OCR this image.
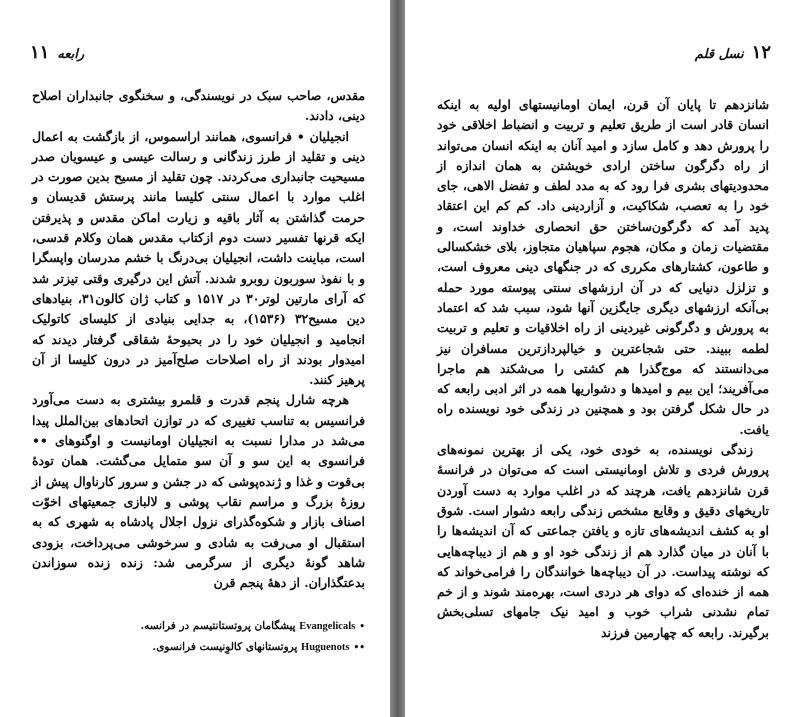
۱۱ رابعه

مقدس، صاحب سبک در نویسندگی، و سخنگوی جانبداران اصلاح دینی، دادند.

انجیلیان • فرانسوی، همانند اراسموس، از بازگشت به اعمال دینی و تقلید از طرز زندگانی و رسالت عیسی و عیسویان صدر مسیحیت جانبداری می‌کردند. چون تقلید از مسیح بدین صورت در اغلب موارد با اعمال سنتی کلیسا مانند پرستش قدیسان و حرمت گذاشتن به آثار باقیه و زیارت اماکن مقدس و پذیرفتن ایکه قرنها تفسیر دست دوم ازکتاب مقدس همان وکلام قدسی، است، مباینت داشت، انجیلیان بی‌درنگ با خشم مدرسان واپسگرا و با نفوذ سوربون روبرو شدند. آتش این درگیری وقتی تیزتر شد که آرای مارتین لوتر۳۰ در ۱۵۱۷ و کتاب ژان کالون۳۱، بنیادهای دین مسیح۳۲ (۱۵۳۶)، به جدایی بنیادی از کلیسای کاتولیک انجامید و انجیلیان خود را در بحبوحهٔ شقاقی گرفتار دیدند که امیدوار بودند از راه اصلاحات صلح‌آمیز در درون کلیسا از آن پرهیز کنند.

هرچه شارل پنجم قدرت و قلمرو بیشتری به دست می‌آورد فرانسیس به تناسب تغییری که در توازن اتحادهای بین‌الملل پیدا می‌شد در مدارا نسبت به انجیلیان اومانیست و اوگنوهای •• فرانسوی به این سو و آن سو متمایل می‌گشت. همان تودهٔ بی‌قوت و غذا و ژنده‌پوشی که در جشن و سرور کارناوال پیش از روزهٔ بزرگ و مراسم نقاب پوشی و لالبازی جمعیتهای اخوّت اصناف بازار و شکوه‌گذرای نزول اجلال پادشاه به شهری که به استقبال او می‌رفت به شادی و سرخوشی می‌پرداخت، بزودی شاهد گونهٔ دیگری از سرگرمی شد: زنده زنده سوزاندن بدعتگذاران. از دههٔ پنجم قرن

•Evangelicals پیشگامان پروتستانتیسم در فرانسه.
••Huguenots پروتستانهای کالوِنیست فرانسوی.
۱۲
نسل قلم

شانزدهم تا پایان آن قرن، ایمان اومانیستهای اولیه به اینکه انسان قادر است از طریق تعلیم و تربیت و انضباط اخلاقی خود را پرورش دهد و کامل سازد و امید آنان به اینکه انسان می‌تواند از راه دگرگون ساختن ارادی خویشتن به همان اندازه از محدودیتهای بشری فرا رود که به مدد لطف و تفضل الاهی، جای خود را به تعصب، شکاکیت، و آزاردینی داد. کم کم این اعتقاد پدید آمد که دگرگون‌ساختن حق انحصاری خداوند است، و مقتضیات زمان و مکان، هجوم سپاهیان متجاوز، بلای خشکسالی و طاعون، کشتارهای مکرری که در جنگهای دینی معروف است، و تزلزل دنیایی که در آن ارزشهای سنتی پیوسته مورد حمله بی‌آنکه ارزشهای دیگری جایگزین آنها شود، سبب شد که اعتماد به پرورش و دگرگونی غیردینی از راه اخلاقیات و تعلیم و تربیت لطمه ببیند. حتی شجاعترین و خیالپردازترین مسافران نیز می‌دانستند که موج‌گذرا هم کشتی را می‌شکند هم ماجرا می‌آفریند؛ این بیم و امیدها و دشواریها همه در اثر ادبی رابعه که در حال شکل گرفتن بود و همچنین در زندگی خود نویسنده راه یافت.

زندگی نویسنده، به خودی خود، یکی از بهترین نمونه‌های پرورش فردی و تلاش اومانیستی است که می‌توان در فرانسهٔ قرن شانزدهم یافت، هرچند که در اغلب موارد به دست آوردن تاریخهای دقیق و وقایع مشخص زندگی رابعه دشوار است. شوق او به کشف اندیشه‌های تازه و یافتن جماعتی که آن اندیشه‌ها را با آنان در میان گذارد هم از زندگی خود او و هم از دیباچه‌هایی که نوشته پیداست. در آن دیباچه‌ها خوانندگان را فرامی‌خواند که همه از خنده‌ای که دوای هر دردی است، بهره‌مند شوند و از خم تمام نشدنی شراب خوب و امید نیک جامهای تسلی‌بخش برگیرند. رابعه که چهارمین فرزند
